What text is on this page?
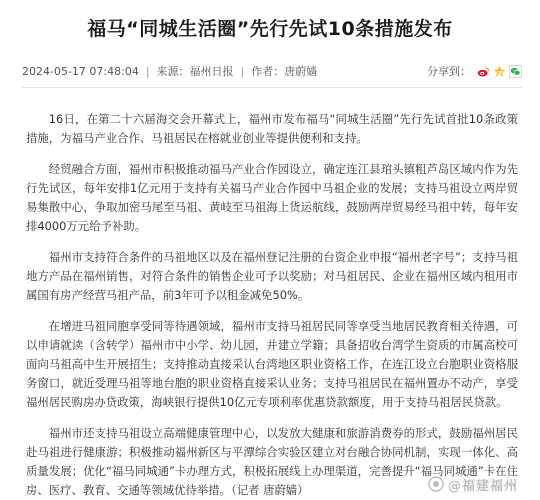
福马“同城生活圈”先行先试10条措施发布
2024-05-17 07:48:04 | 来源： 福州日报 | 作者： 唐蔚嫱	分享到：

16日，在第二十六届海交会开幕式上，福州市发布福马“同城生活圈”先行先试首批10条政策措施，为福马产业合作、马祖居民在榕就业创业等提供便利和支持。

经贸融合方面，福州市积极推动福马产业合作园设立，确定连江县琯头镇粗芦岛区域内作为先行先试区，每年安排1亿元用于支持有关福马产业合作园中马祖企业的发展；支持马祖设立两岸贸易集散中心，争取加密马尾至马祖、黄岐至马祖海上货运航线，鼓励两岸贸易经马祖中转，每年安排4000万元给予补助。

福州市支持符合条件的马祖地区以及在福州登记注册的台资企业申报“福州老字号”；支持马祖地方产品在福州销售，对符合条件的销售企业可予以奖励；对马祖居民、企业在福州区域内租用市属国有房产经营马祖产品，前3年可予以租金减免50%。

在增进马祖同胞享受同等待遇领域，福州市支持马祖居民同等享受当地居民教育相关待遇，可以申请就读（含转学）福州市中小学、幼儿园，并建立学籍；具备招收台湾学生资质的市属高校可面向马祖高中生开展招生；支持推动直接采认台湾地区职业资格工作，在连江设立台胞职业资格服务窗口，就近受理马祖等地台胞的职业资格直接采认业务；支持马祖居民在福州置办不动产，享受福州居民购房办贷政策，海峡银行提供10亿元专项利率优惠贷款额度，用于支持马祖居民贷款。

福州市还支持马祖设立高端健康管理中心，以发放大健康和旅游消费券的形式，鼓励福州居民赴马祖进行健康游；积极推动福州新区与平潭综合实验区建立对台融合协同机制，实现一体化、高质量发展；优化“福马同城通”卡办理方式，积极拓展线上办理渠道，完善提升“福马同城通”卡在住房、医疗、教育、交通等领域优待举措。（记者 唐蔚嫱）	@福建福州
